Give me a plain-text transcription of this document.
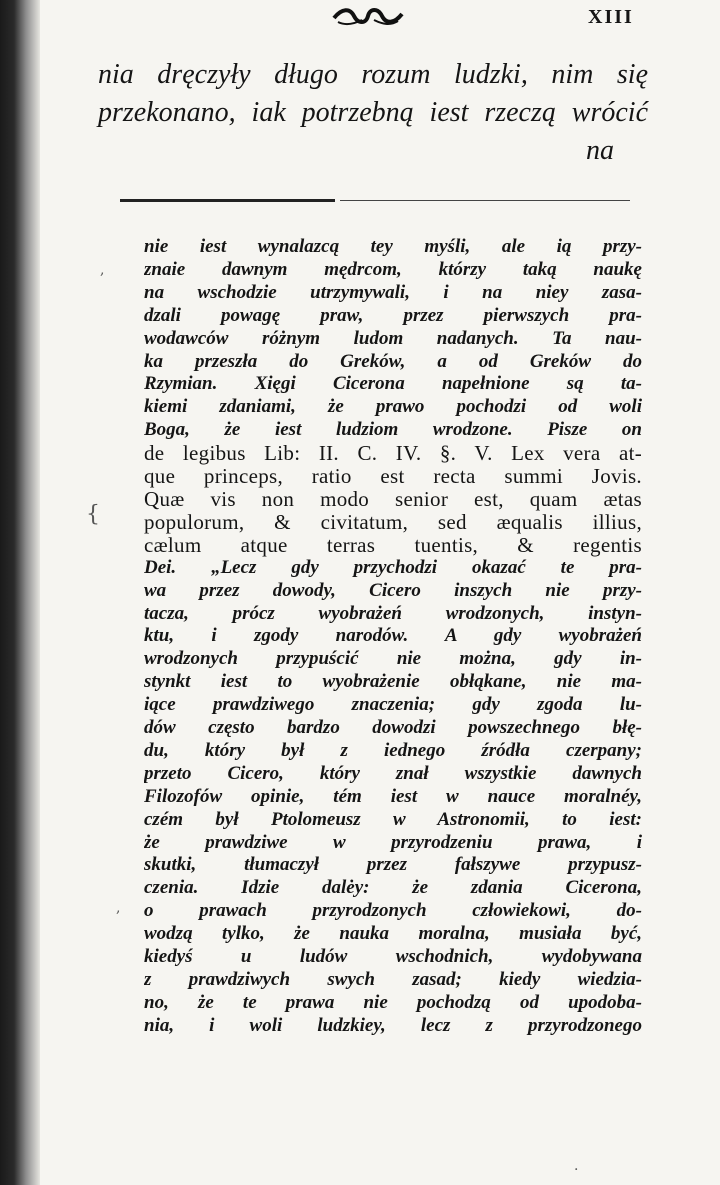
XIII
nia dręczyły długo rozum ludzki, nim się
przekonano, iak potrzebną iest rzeczą wrócić
na
nie iest wynalazcą tey myśli, ale ią przy-
znaie dawnym mędrcom, którzy taką naukę
na wschodzie utrzymywali, i na niey zasa-
dzali powagę praw, przez pierwszych pra-
wodawców różnym ludom nadanych. Ta nau-
ka przeszła do Greków, a od Greków do
Rzymian. Xięgi Cicerona napełnione są ta-
kiemi zdaniami, że prawo pochodzi od woli
Boga, że iest ludziom wrodzone. Pisze on
de legibus Lib: II. C. IV. §. V. Lex vera at-
que princeps, ratio est recta summi Jovis.
Quæ vis non modo senior est, quam ætas
populorum, & civitatum, sed æqualis illius,
cælum atque terras tuentis, & regentis
Dei. „Lecz gdy przychodzi okazać te pra-
wa przez dowody, Cicero inszych nie przy-
tacza, prócz wyobrażeń wrodzonych, instyn-
ktu, i zgody narodów. A gdy wyobrażeń
wrodzonych przypuścić nie można, gdy in-
stynkt iest to wyobrażenie obłąkane, nie ma-
iące prawdziwego znaczenia; gdy zgoda lu-
dów często bardzo dowodzi powszechnego błę-
du, który był z iednego źródła czerpany;
przeto Cicero, który znał wszystkie dawnych
Filozofów opinie, tém iest w nauce moralnéy,
czém był Ptolomeusz w Astronomii, to iest:
że prawdziwe w przyrodzeniu prawa, i
skutki, tłumaczył przez fałszywe przypusz-
czenia. Idzie dalėy: że zdania Cicerona,
o prawach przyrodzonych człowiekowi, do-
wodzą tylko, że nauka moralna, musiała być,
kiedyś u ludów wschodnich, wydobywana
z prawdziwych swych zasad; kiedy wiedzia-
no, że te prawa nie pochodzą od upodoba-
nia, i woli ludzkiey, lecz z przyrodzonego
,
{
,
·
